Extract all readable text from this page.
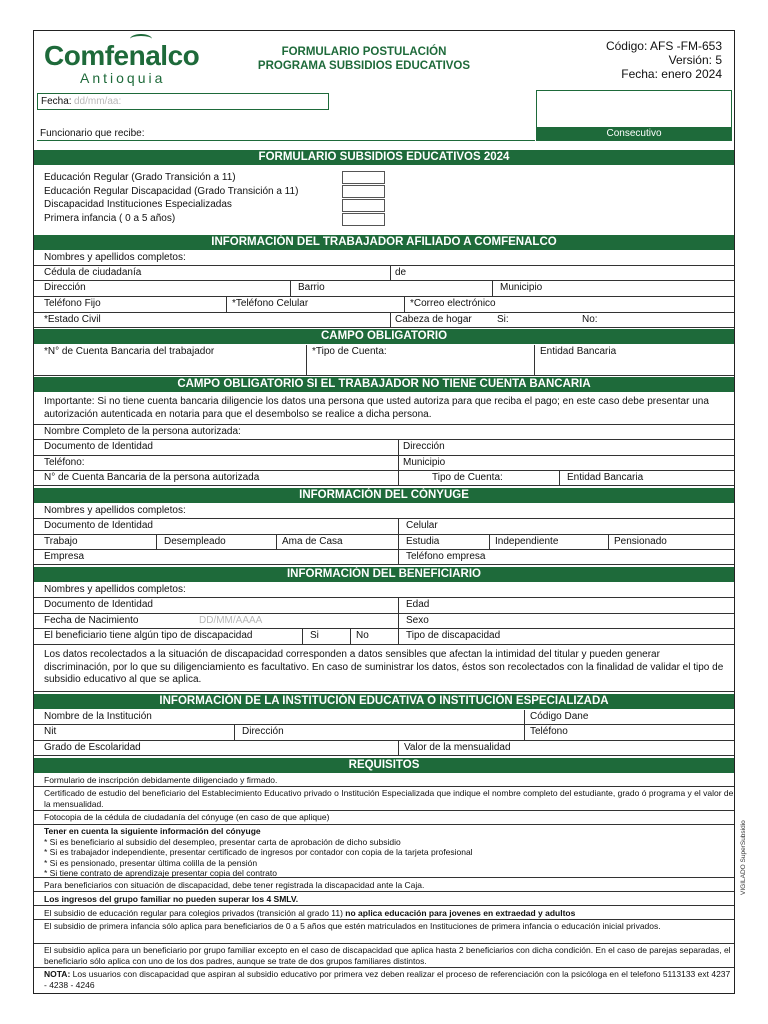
Comfenalco
Antioquia
FORMULARIO POSTULACIÓN
PROGRAMA SUBSIDIOS EDUCATIVOS
Código: AFS -FM-653
Versión: 5
Fecha: enero 2024
Fecha: dd/mm/aa:
Funcionario que recibe:	Consecutivo
FORMULARIO SUBSIDIOS EDUCATIVOS 2024
Educación Regular (Grado Transición a 11)
Educación Regular Discapacidad (Grado Transición a 11)
Discapacidad Instituciones Especializadas
Primera infancia ( 0 a 5 años)
INFORMACIÓN DEL TRABAJADOR AFILIADO A COMFENALCO
Nombres y apellidos completos:
Cédula de ciudadanía	de
Dirección	Barrio	Municipio
Teléfono Fijo	*Teléfono Celular	*Correo electrónico
*Estado Civil	Cabeza de hogar	Si:	No:
CAMPO OBLIGATORIO
*N° de Cuenta Bancaria del trabajador	*Tipo de Cuenta:	Entidad Bancaria
CAMPO OBLIGATORIO SI EL TRABAJADOR NO TIENE CUENTA BANCARIA
Importante: Si no tiene cuenta bancaria diligencie los datos una persona que usted autoriza para que reciba el pago; en este caso debe presentar una autorización autenticada en notaria para que el desembolso se realice a dicha persona.
Nombre Completo de la persona autorizada:
Documento de Identidad	Dirección
Teléfono:	Municipio
N° de Cuenta Bancaria de la persona autorizada	Tipo de Cuenta:	Entidad Bancaria
INFORMACIÓN DEL CÓNYUGE
Nombres y apellidos completos:
Documento de Identidad	Celular
Trabajo	Desempleado	Ama de Casa	Estudia	Independiente	Pensionado
Empresa	Teléfono empresa
INFORMACIÓN DEL BENEFICIARIO
Nombres y apellidos completos:
Documento de Identidad	Edad
Fecha de Nacimiento	DD/MM/AAAA	Sexo
El beneficiario tiene algún tipo de discapacidad	Si	No	Tipo de discapacidad
Los datos recolectados a la situación de discapacidad corresponden a datos sensibles que afectan la intimidad del titular y pueden generar discriminación, por lo que su diligenciamiento es facultativo. En caso de suministrar los datos, éstos son recolectados con la finalidad de validar el tipo de subsidio educativo al que se aplica.
INFORMACIÓN DE LA INSTITUCIÓN EDUCATIVA O INSTITUCIÓN ESPECIALIZADA
Nombre de la Institución	Código Dane
Nit	Dirección	Teléfono
Grado de Escolaridad	Valor de la mensualidad
REQUISITOS
Formulario de inscripción debidamente diligenciado y firmado.
Certificado de estudio del beneficiario del Establecimiento Educativo privado o Institución Especializada que indique el nombre completo del estudiante, grado ó programa y el valor de la mensualidad.
Fotocopia de la cédula de ciudadanía del cónyuge (en caso de que aplique)
Tener en cuenta la siguiente información del cónyuge
* Si es beneficiario al subsidio del desempleo, presentar carta de aprobación de dicho subsidio
* Si es trabajador independiente, presentar certificado de ingresos por contador con copia de la tarjeta profesional
* Si es pensionado, presentar última colilla de la pensión
* Si tiene contrato de aprendizaje presentar copia del contrato
Para beneficiarios con situación de discapacidad, debe tener registrada la discapacidad ante la Caja.
Los ingresos del grupo familiar no pueden superar los 4 SMLV.
El subsidio de educación regular para colegios privados (transición al grado 11) no aplica educación para jovenes en extraedad y adultos
El subsidio de primera infancia sólo aplica para beneficiarios de 0 a 5 años que estén matriculados en Instituciones de primera infancia o educación inicial privados.
El subsidio aplica para un beneficiario por grupo familiar excepto en el caso de discapacidad que aplica hasta 2 beneficiarios con dicha condición. En el caso de parejas separadas, el beneficiario sólo aplica con uno de los dos padres, aunque se trate de dos grupos familiares distintos.
NOTA: Los usuarios con discapacidad que aspiran al subsidio educativo por primera vez deben realizar el proceso de referenciación con la psicóloga en el telefono 5113133 ext 4237 - 4238 - 4246
VIGILADO SuperSubsidio
